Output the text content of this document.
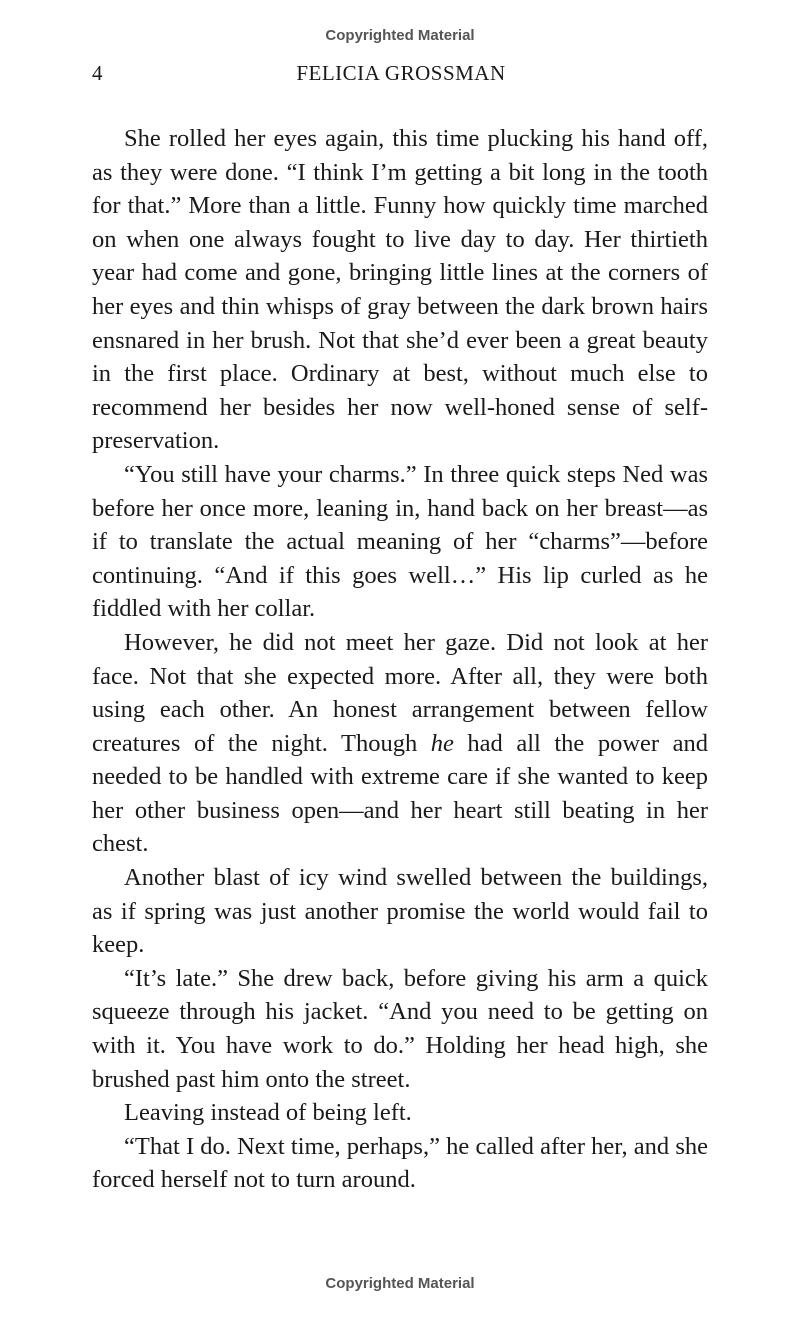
Copyrighted Material
4	FELICIA GROSSMAN

She rolled her eyes again, this time plucking his hand off, as they were done. “I think I’m getting a bit long in the tooth for that.” More than a little. Funny how quickly time marched on when one always fought to live day to day. Her thirtieth year had come and gone, bringing little lines at the corners of her eyes and thin whisps of gray between the dark brown hairs ensnared in her brush. Not that she’d ever been a great beauty in the first place. Ordinary at best, without much else to recommend her besides her now well-honed sense of self-preservation.

“You still have your charms.” In three quick steps Ned was before her once more, leaning in, hand back on her breast—as if to translate the actual meaning of her “charms”—before continuing. “And if this goes well…” His lip curled as he fiddled with her collar.

However, he did not meet her gaze. Did not look at her face. Not that she expected more. After all, they were both using each other. An honest arrangement between fellow creatures of the night. Though he had all the power and needed to be handled with extreme care if she wanted to keep her other business open—and her heart still beating in her chest.

Another blast of icy wind swelled between the buildings, as if spring was just another promise the world would fail to keep.

“It’s late.” She drew back, before giving his arm a quick squeeze through his jacket. “And you need to be getting on with it. You have work to do.” Holding her head high, she brushed past him onto the street.

Leaving instead of being left.

“That I do. Next time, perhaps,” he called after her, and she forced herself not to turn around.

Copyrighted Material
